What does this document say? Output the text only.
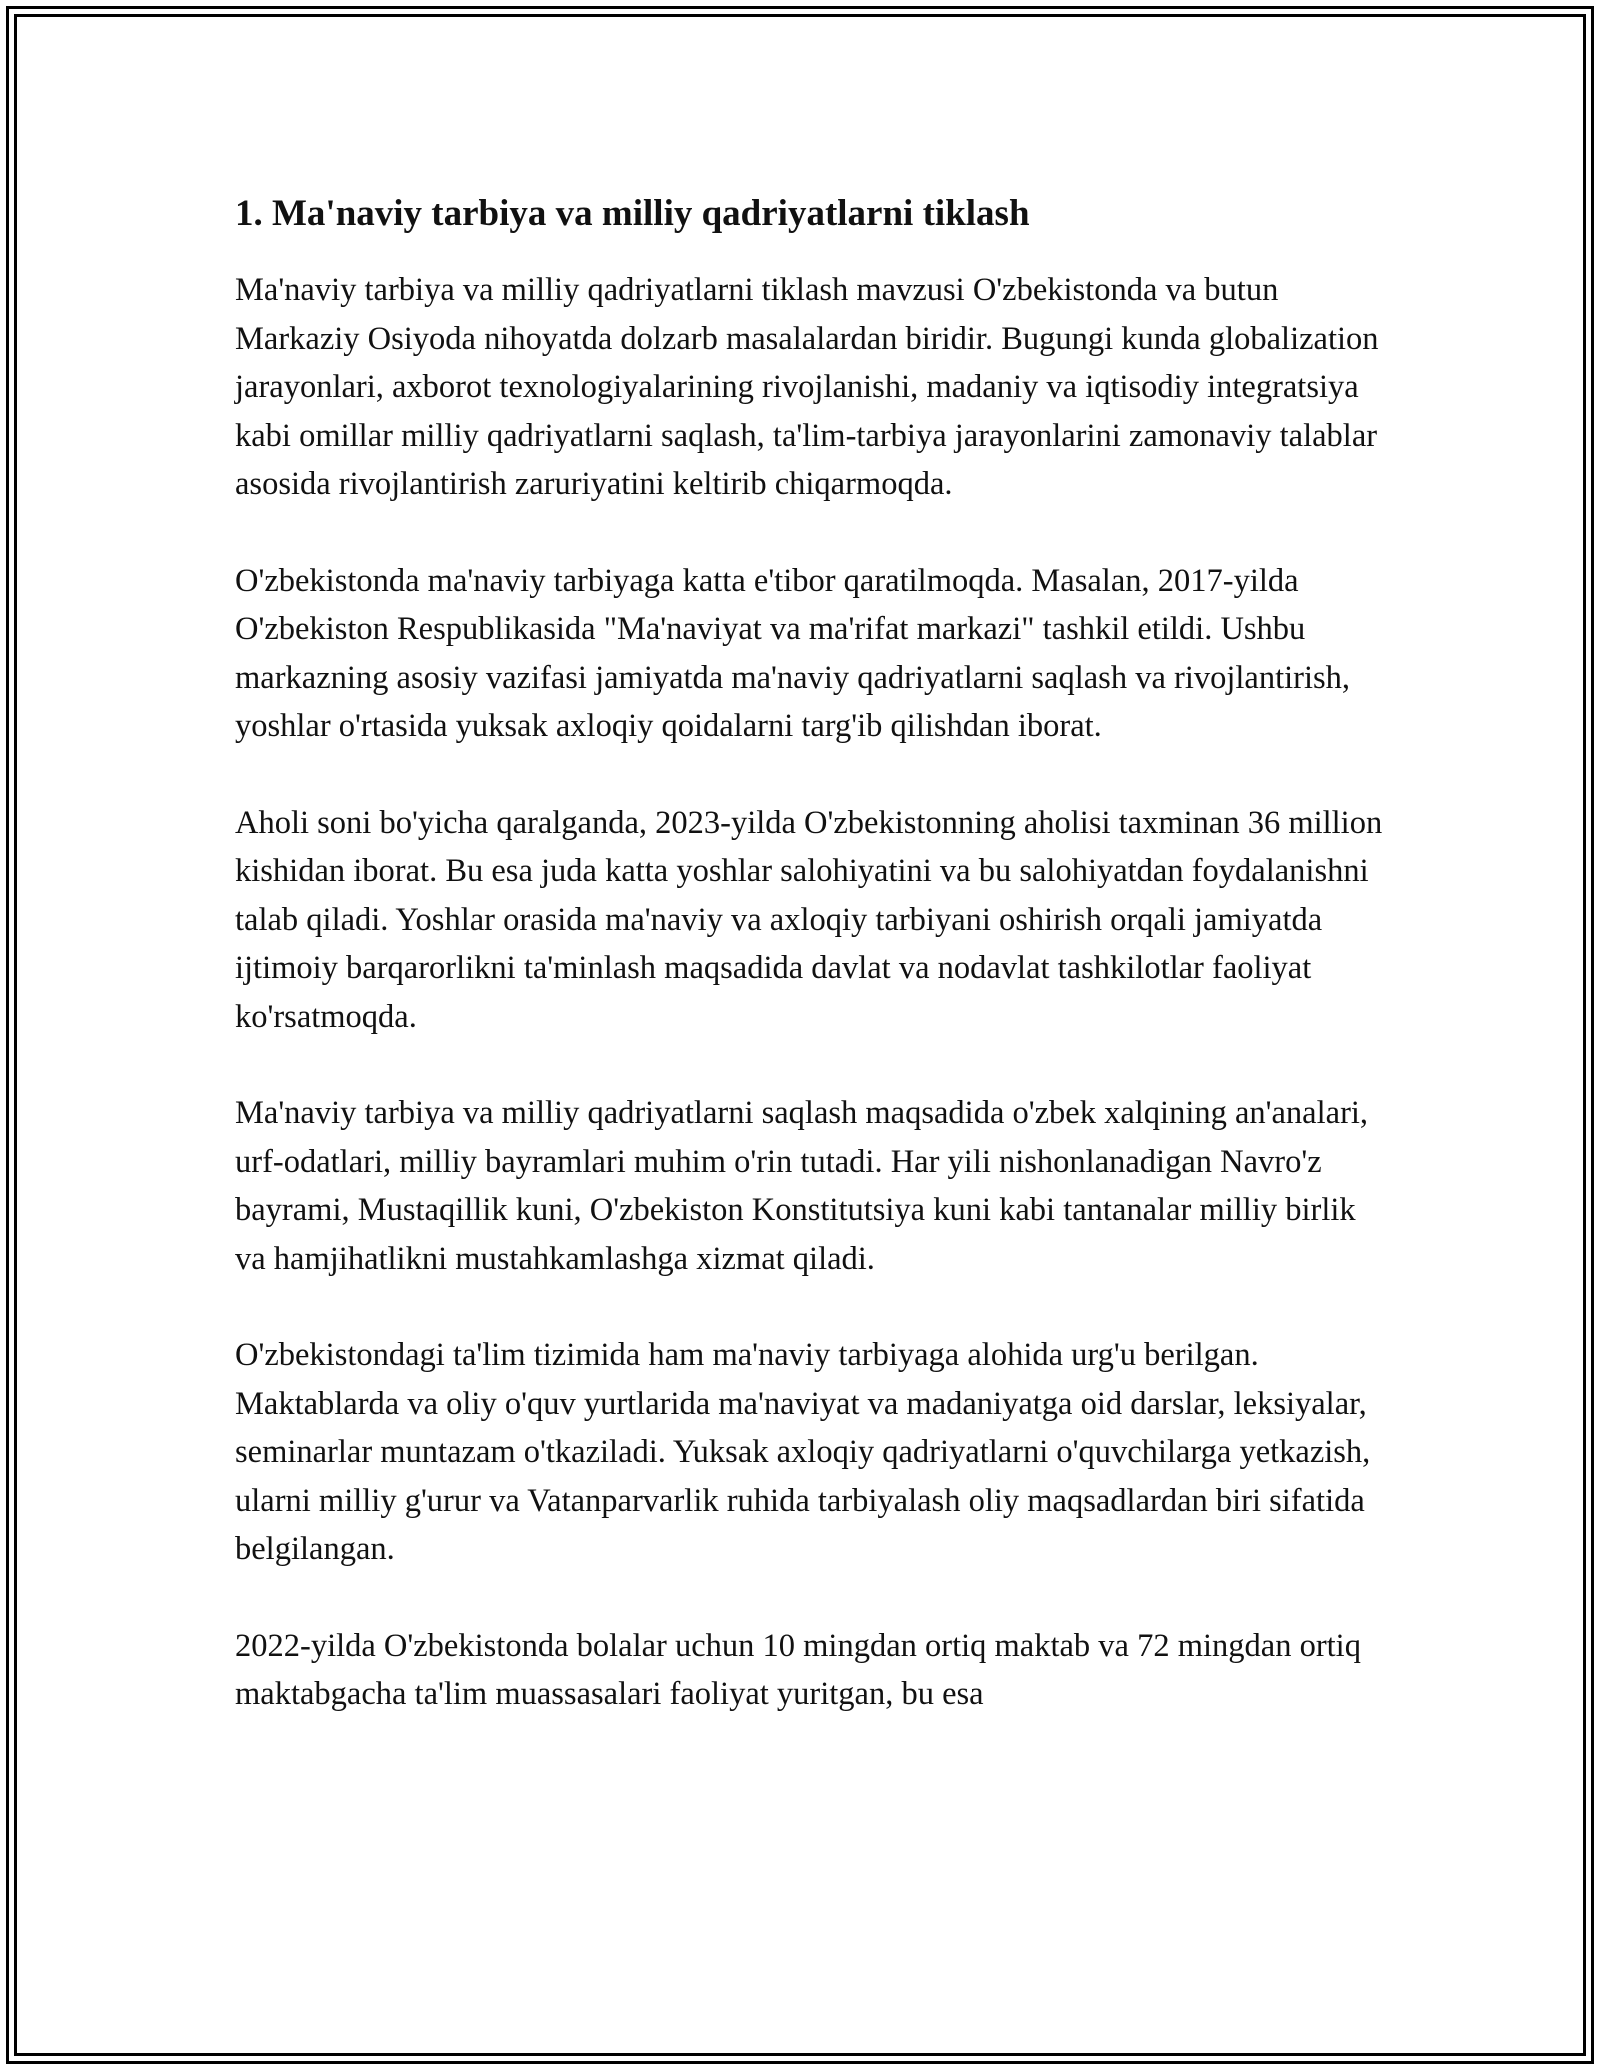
1. Ma'naviy tarbiya va milliy qadriyatlarni tiklash

Ma'naviy tarbiya va milliy qadriyatlarni tiklash mavzusi O'zbekistonda va butun Markaziy Osiyoda nihoyatda dolzarb masalalardan biridir. Bugungi kunda globalization jarayonlari, axborot texnologiyalarining rivojlanishi, madaniy va iqtisodiy integratsiya kabi omillar milliy qadriyatlarni saqlash, ta'lim-tarbiya jarayonlarini zamonaviy talablar asosida rivojlantirish zaruriyatini keltirib chiqarmoqda.

O'zbekistonda ma'naviy tarbiyaga katta e'tibor qaratilmoqda. Masalan, 2017-yilda O'zbekiston Respublikasida "Ma'naviyat va ma'rifat markazi" tashkil etildi. Ushbu markazning asosiy vazifasi jamiyatda ma'naviy qadriyatlarni saqlash va rivojlantirish, yoshlar o'rtasida yuksak axloqiy qoidalarni targ'ib qilishdan iborat.

Aholi soni bo'yicha qaralganda, 2023-yilda O'zbekistonning aholisi taxminan 36 million kishidan iborat. Bu esa juda katta yoshlar salohiyatini va bu salohiyatdan foydalanishni talab qiladi. Yoshlar orasida ma'naviy va axloqiy tarbiyani oshirish orqali jamiyatda ijtimoiy barqarorlikni ta'minlash maqsadida davlat va nodavlat tashkilotlar faoliyat ko'rsatmoqda.

Ma'naviy tarbiya va milliy qadriyatlarni saqlash maqsadida o'zbek xalqining an'analari, urf-odatlari, milliy bayramlari muhim o'rin tutadi. Har yili nishonlanadigan Navro'z bayrami, Mustaqillik kuni, O'zbekiston Konstitutsiya kuni kabi tantanalar milliy birlik va hamjihatlikni mustahkamlashga xizmat qiladi.

O'zbekistondagi ta'lim tizimida ham ma'naviy tarbiyaga alohida urg'u berilgan. Maktablarda va oliy o'quv yurtlarida ma'naviyat va madaniyatga oid darslar, leksiyalar, seminarlar muntazam o'tkaziladi. Yuksak axloqiy qadriyatlarni o'quvchilarga yetkazish, ularni milliy g'urur va Vatanparvarlik ruhida tarbiyalash oliy maqsadlardan biri sifatida belgilangan.

2022-yilda O'zbekistonda bolalar uchun 10 mingdan ortiq maktab va 72 mingdan ortiq maktabgacha ta'lim muassasalari faoliyat yuritgan, bu esa
